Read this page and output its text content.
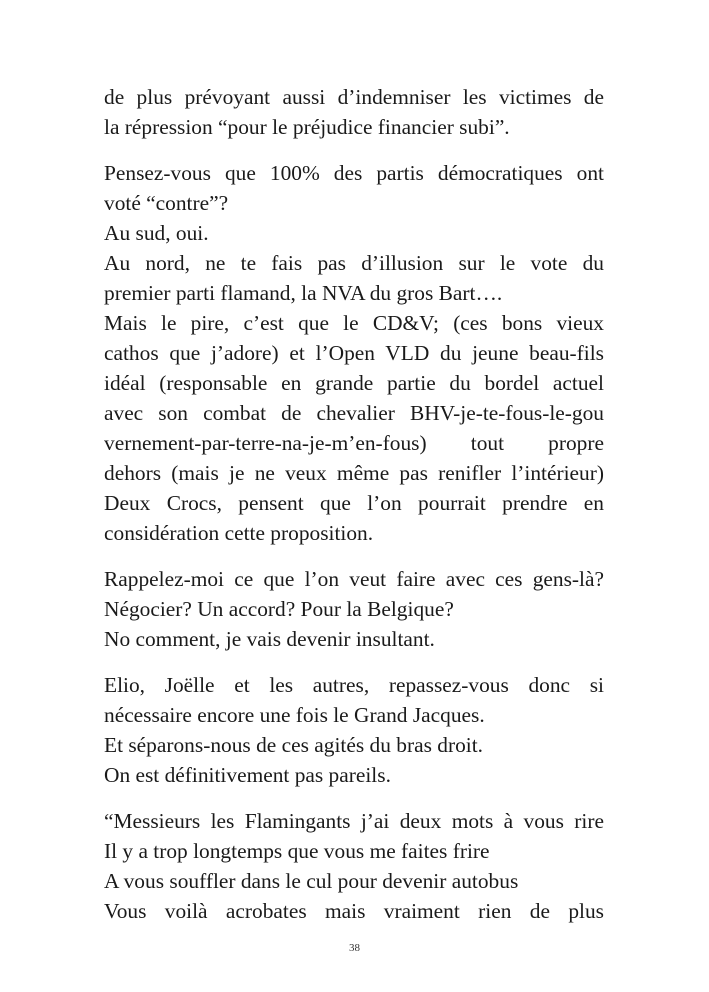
de plus prévoyant aussi d’indemniser les victimes de
la répression “pour le préjudice financier subi”.
Pensez-vous que 100% des partis démocratiques ont
voté “contre”?
Au sud, oui.
Au nord, ne te fais pas d’illusion sur le vote du
premier parti flamand, la NVA du gros Bart….
Mais le pire, c’est que le CD&V; (ces bons vieux
cathos que j’adore) et l’Open VLD du jeune beau-fils
idéal (responsable en grande partie du bordel actuel
avec son combat de chevalier BHV-je-te-fous-le-gou
vernement-par-terre-na-je-m’en-fous) tout propre
dehors (mais je ne veux même pas renifler l’intérieur)
Deux Crocs, pensent que l’on pourrait prendre en
considération cette proposition.
Rappelez-moi ce que l’on veut faire avec ces gens-là?
Négocier? Un accord? Pour la Belgique?
No comment, je vais devenir insultant.
Elio, Joëlle et les autres, repassez-vous donc si
nécessaire encore une fois le Grand Jacques.
Et séparons-nous de ces agités du bras droit.
On est définitivement pas pareils.
“Messieurs les Flamingants j’ai deux mots à vous rire
Il y a trop longtemps que vous me faites frire
A vous souffler dans le cul pour devenir autobus
Vous voilà acrobates mais vraiment rien de plus
38
